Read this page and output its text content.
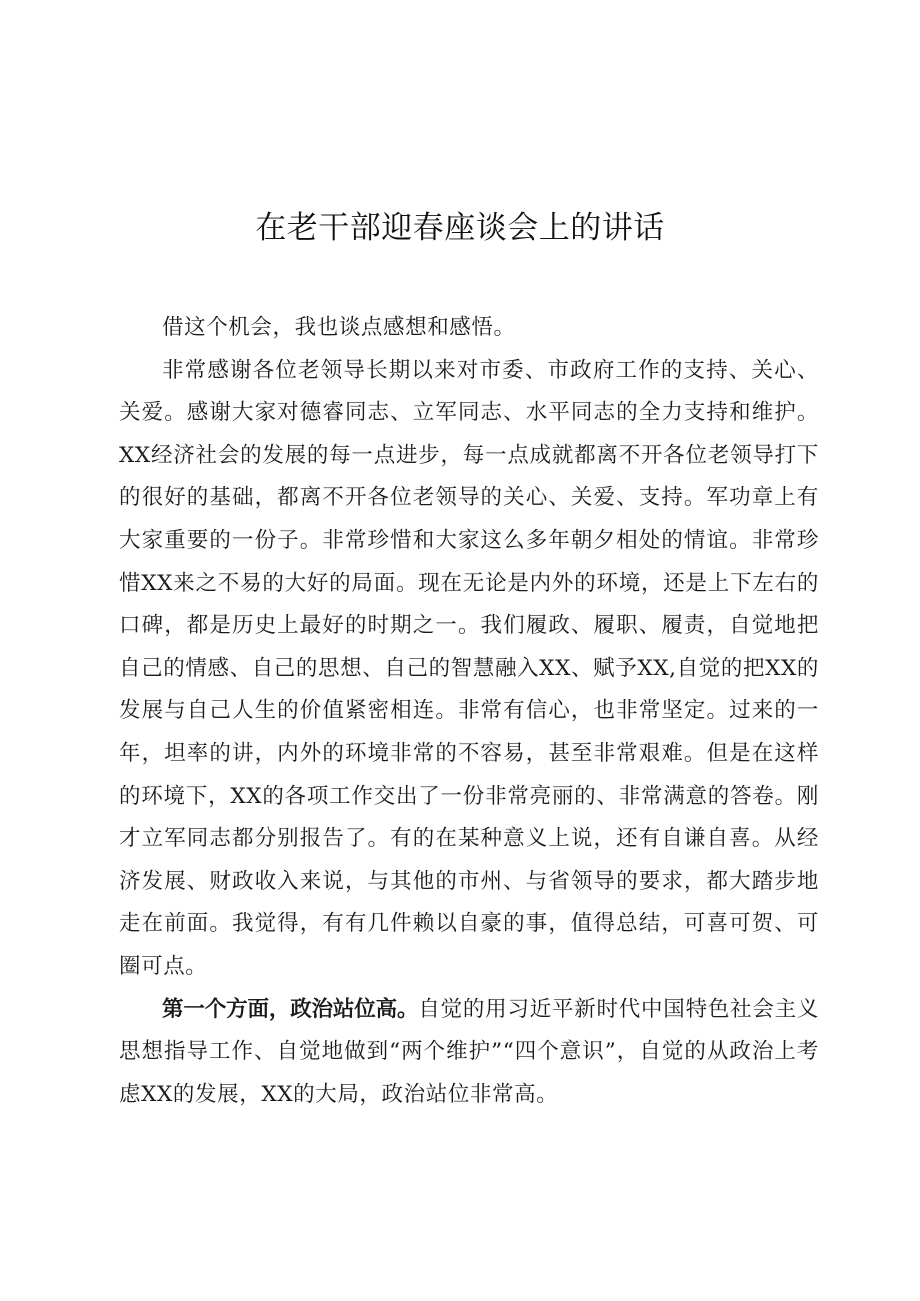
在老干部迎春座谈会上的讲话

借这个机会，我也谈点感想和感悟。

非常感谢各位老领导长期以来对市委、市政府工作的支持、关心、关爱。感谢大家对德睿同志、立军同志、水平同志的全力支持和维护。XX经济社会的发展的每一点进步，每一点成就都离不开各位老领导打下的很好的基础，都离不开各位老领导的关心、关爱、支持。军功章上有大家重要的一份子。非常珍惜和大家这么多年朝夕相处的情谊。非常珍惜XX来之不易的大好的局面。现在无论是内外的环境，还是上下左右的口碑，都是历史上最好的时期之一。我们履政、履职、履责，自觉地把自己的情感、自己的思想、自己的智慧融入XX、赋予XX,自觉的把XX的发展与自己人生的价值紧密相连。非常有信心，也非常坚定。过来的一年，坦率的讲，内外的环境非常的不容易，甚至非常艰难。但是在这样的环境下，XX的各项工作交出了一份非常亮丽的、非常满意的答卷。刚才立军同志都分别报告了。有的在某种意义上说，还有自谦自喜。从经济发展、财政收入来说，与其他的市州、与省领导的要求，都大踏步地走在前面。我觉得，有有几件赖以自豪的事，值得总结，可喜可贺、可圈可点。

第一个方面，政治站位高。自觉的用习近平新时代中国特色社会主义思想指导工作、自觉地做到“两个维护”“四个意识”，自觉的从政治上考虑XX的发展，XX的大局，政治站位非常高。
